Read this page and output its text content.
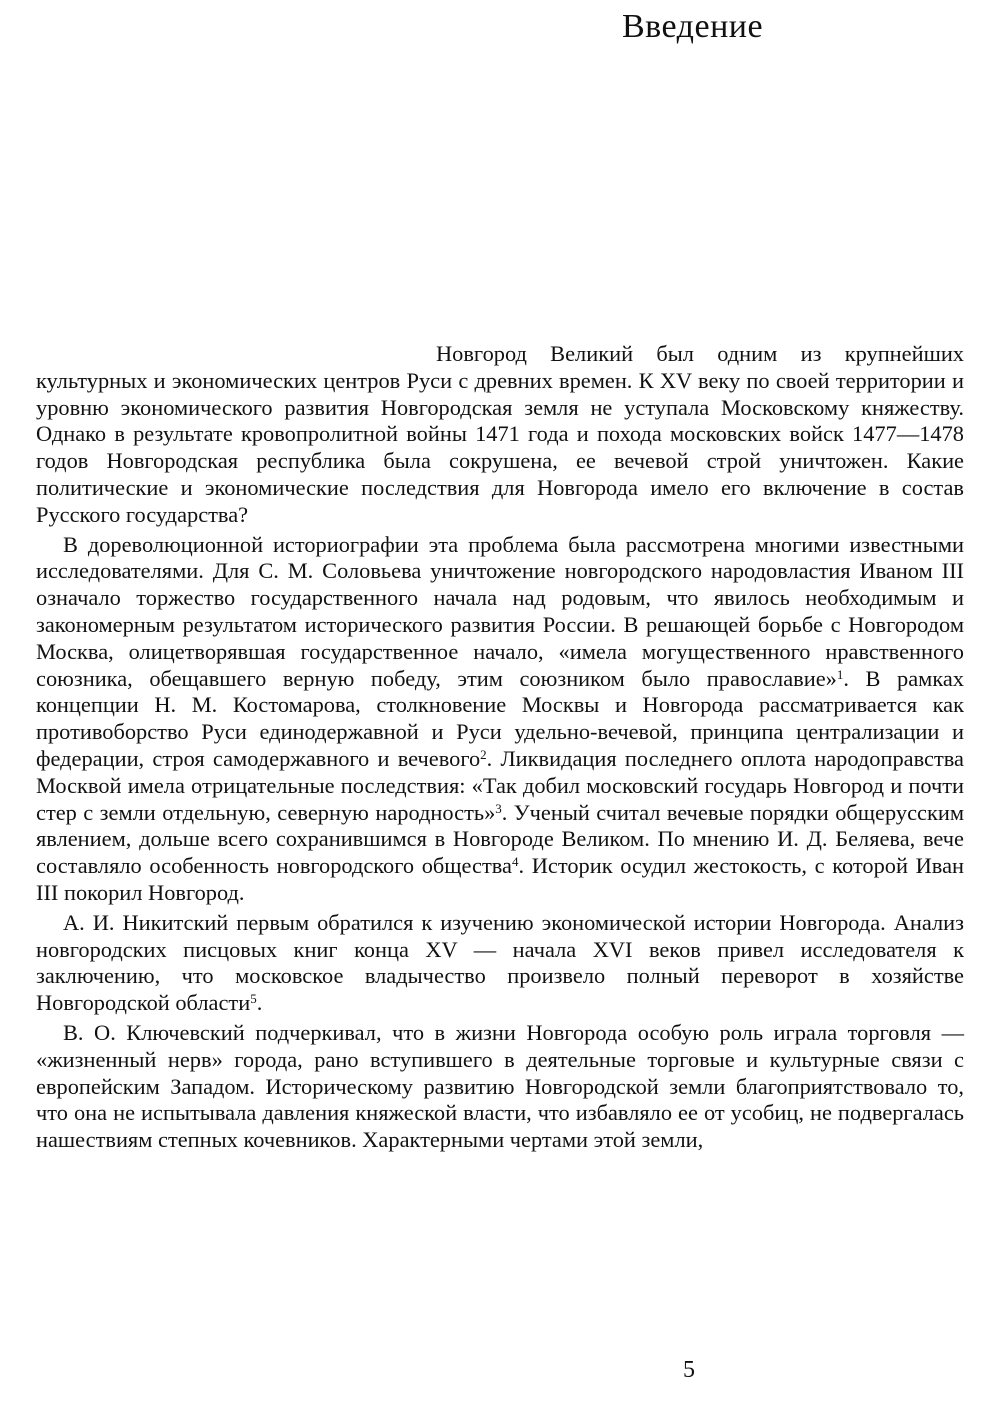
Введение

Новгород Великий был одним из крупнейших культурных и экономических центров Руси с древних времен. К XV веку по своей территории и уровню экономического развития Новгородская земля не уступала Московскому княжеству. Однако в результате кровопролитной войны 1471 года и похода московских войск 1477—1478 годов Новгородская республика была сокрушена, ее вечевой строй уничтожен. Какие политические и экономические последствия для Новгорода имело его включение в состав Русского государства?

В дореволюционной историографии эта проблема была рассмотрена многими известными исследователями. Для С. М. Соловьева уничтожение новгородского народовластия Иваном III означало торжество государственного начала над родовым, что явилось необходимым и закономерным результатом исторического развития России. В решающей борьбе с Новгородом Москва, олицетворявшая государственное начало, «имела могущественного нравственного союзника, обещавшего верную победу, этим союзником было православие»$^1$. В рамках концепции Н. М. Костомарова, столкновение Москвы и Новгорода рассматривается как противоборство Руси единодержавной и Руси удельно-вечевой, принципа централизации и федерации, строя самодержавного и вечевого$^2$. Ликвидация последнего оплота народоправства Москвой имела отрицательные последствия: «Так добил московский государь Новгород и почти стер с земли отдельную, северную народность»$^3$. Ученый считал вечевые порядки общерусским явлением, дольше всего сохранившимся в Новгороде Великом. По мнению И. Д. Беляева, вече составляло особенность новгородского общества$^4$. Историк осудил жестокость, с которой Иван III покорил Новгород.

А. И. Никитский первым обратился к изучению экономической истории Новгорода. Анализ новгородских писцовых книг конца XV — начала XVI веков привел исследователя к заключению, что московское владычество произвело полный переворот в хозяйстве Новгородской области$^5$.

В. О. Ключевский подчеркивал, что в жизни Новгорода особую роль играла торговля — «жизненный нерв» города, рано вступившего в деятельные торговые и культурные связи с европейским Западом. Историческому развитию Новгородской земли благоприятствовало то, что она не испытывала давления княжеской власти, что избавляло ее от усобиц, не подвергалась нашествиям степных кочевников. Характерными чертами этой земли,

5
